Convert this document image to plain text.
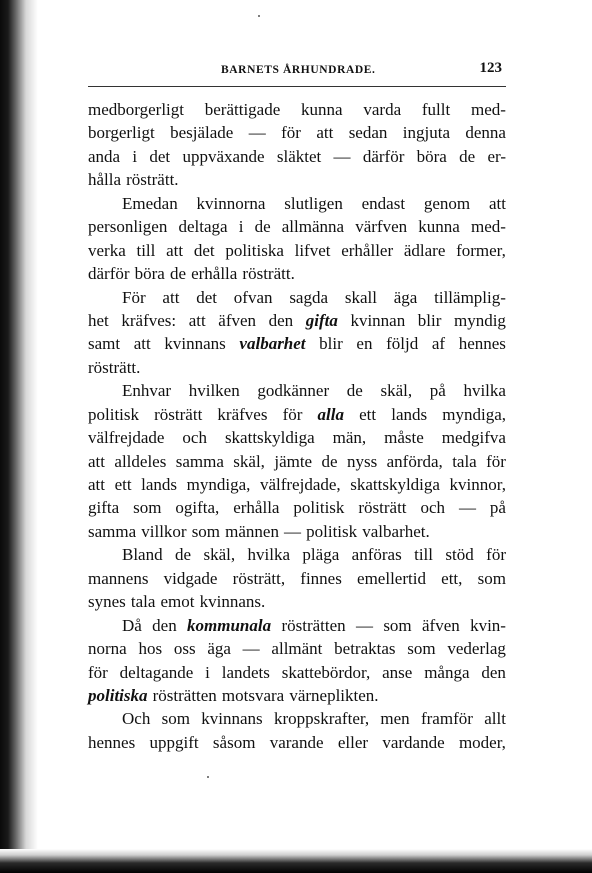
BARNETS ÅRHUNDRADE.	123
medborgerligt berättigade kunna varda fullt med-
borgerligt besjälade — för att sedan ingjuta denna
anda i det uppväxande släktet — därför böra de er-
hålla rösträtt.
Emedan kvinnorna slutligen endast genom att
personligen deltaga i de allmänna värfven kunna med-
verka till att det politiska lifvet erhåller ädlare former,
därför böra de erhålla rösträtt.
För att det ofvan sagda skall äga tillämplig-
het kräfves: att äfven den gifta kvinnan blir myndig
samt att kvinnans valbarhet blir en följd af hennes
rösträtt.
Enhvar hvilken godkänner de skäl, på hvilka
politisk rösträtt kräfves för alla ett lands myndiga,
välfrejdade och skattskyldiga män, måste medgifva
att alldeles samma skäl, jämte de nyss anförda, tala för
att ett lands myndiga, välfrejdade, skattskyldiga kvinnor,
gifta som ogifta, erhålla politisk rösträtt och — på
samma villkor som männen — politisk valbarhet.
Bland de skäl, hvilka pläga anföras till stöd för
mannens vidgade rösträtt, finnes emellertid ett, som
synes tala emot kvinnans.
Då den kommunala rösträtten — som äfven kvin-
norna hos oss äga — allmänt betraktas som vederlag
för deltagande i landets skattebördor, anse många den
politiska rösträtten motsvara värneplikten.
Och som kvinnans kroppskrafter, men framför allt
hennes uppgift såsom varande eller vardande moder,
